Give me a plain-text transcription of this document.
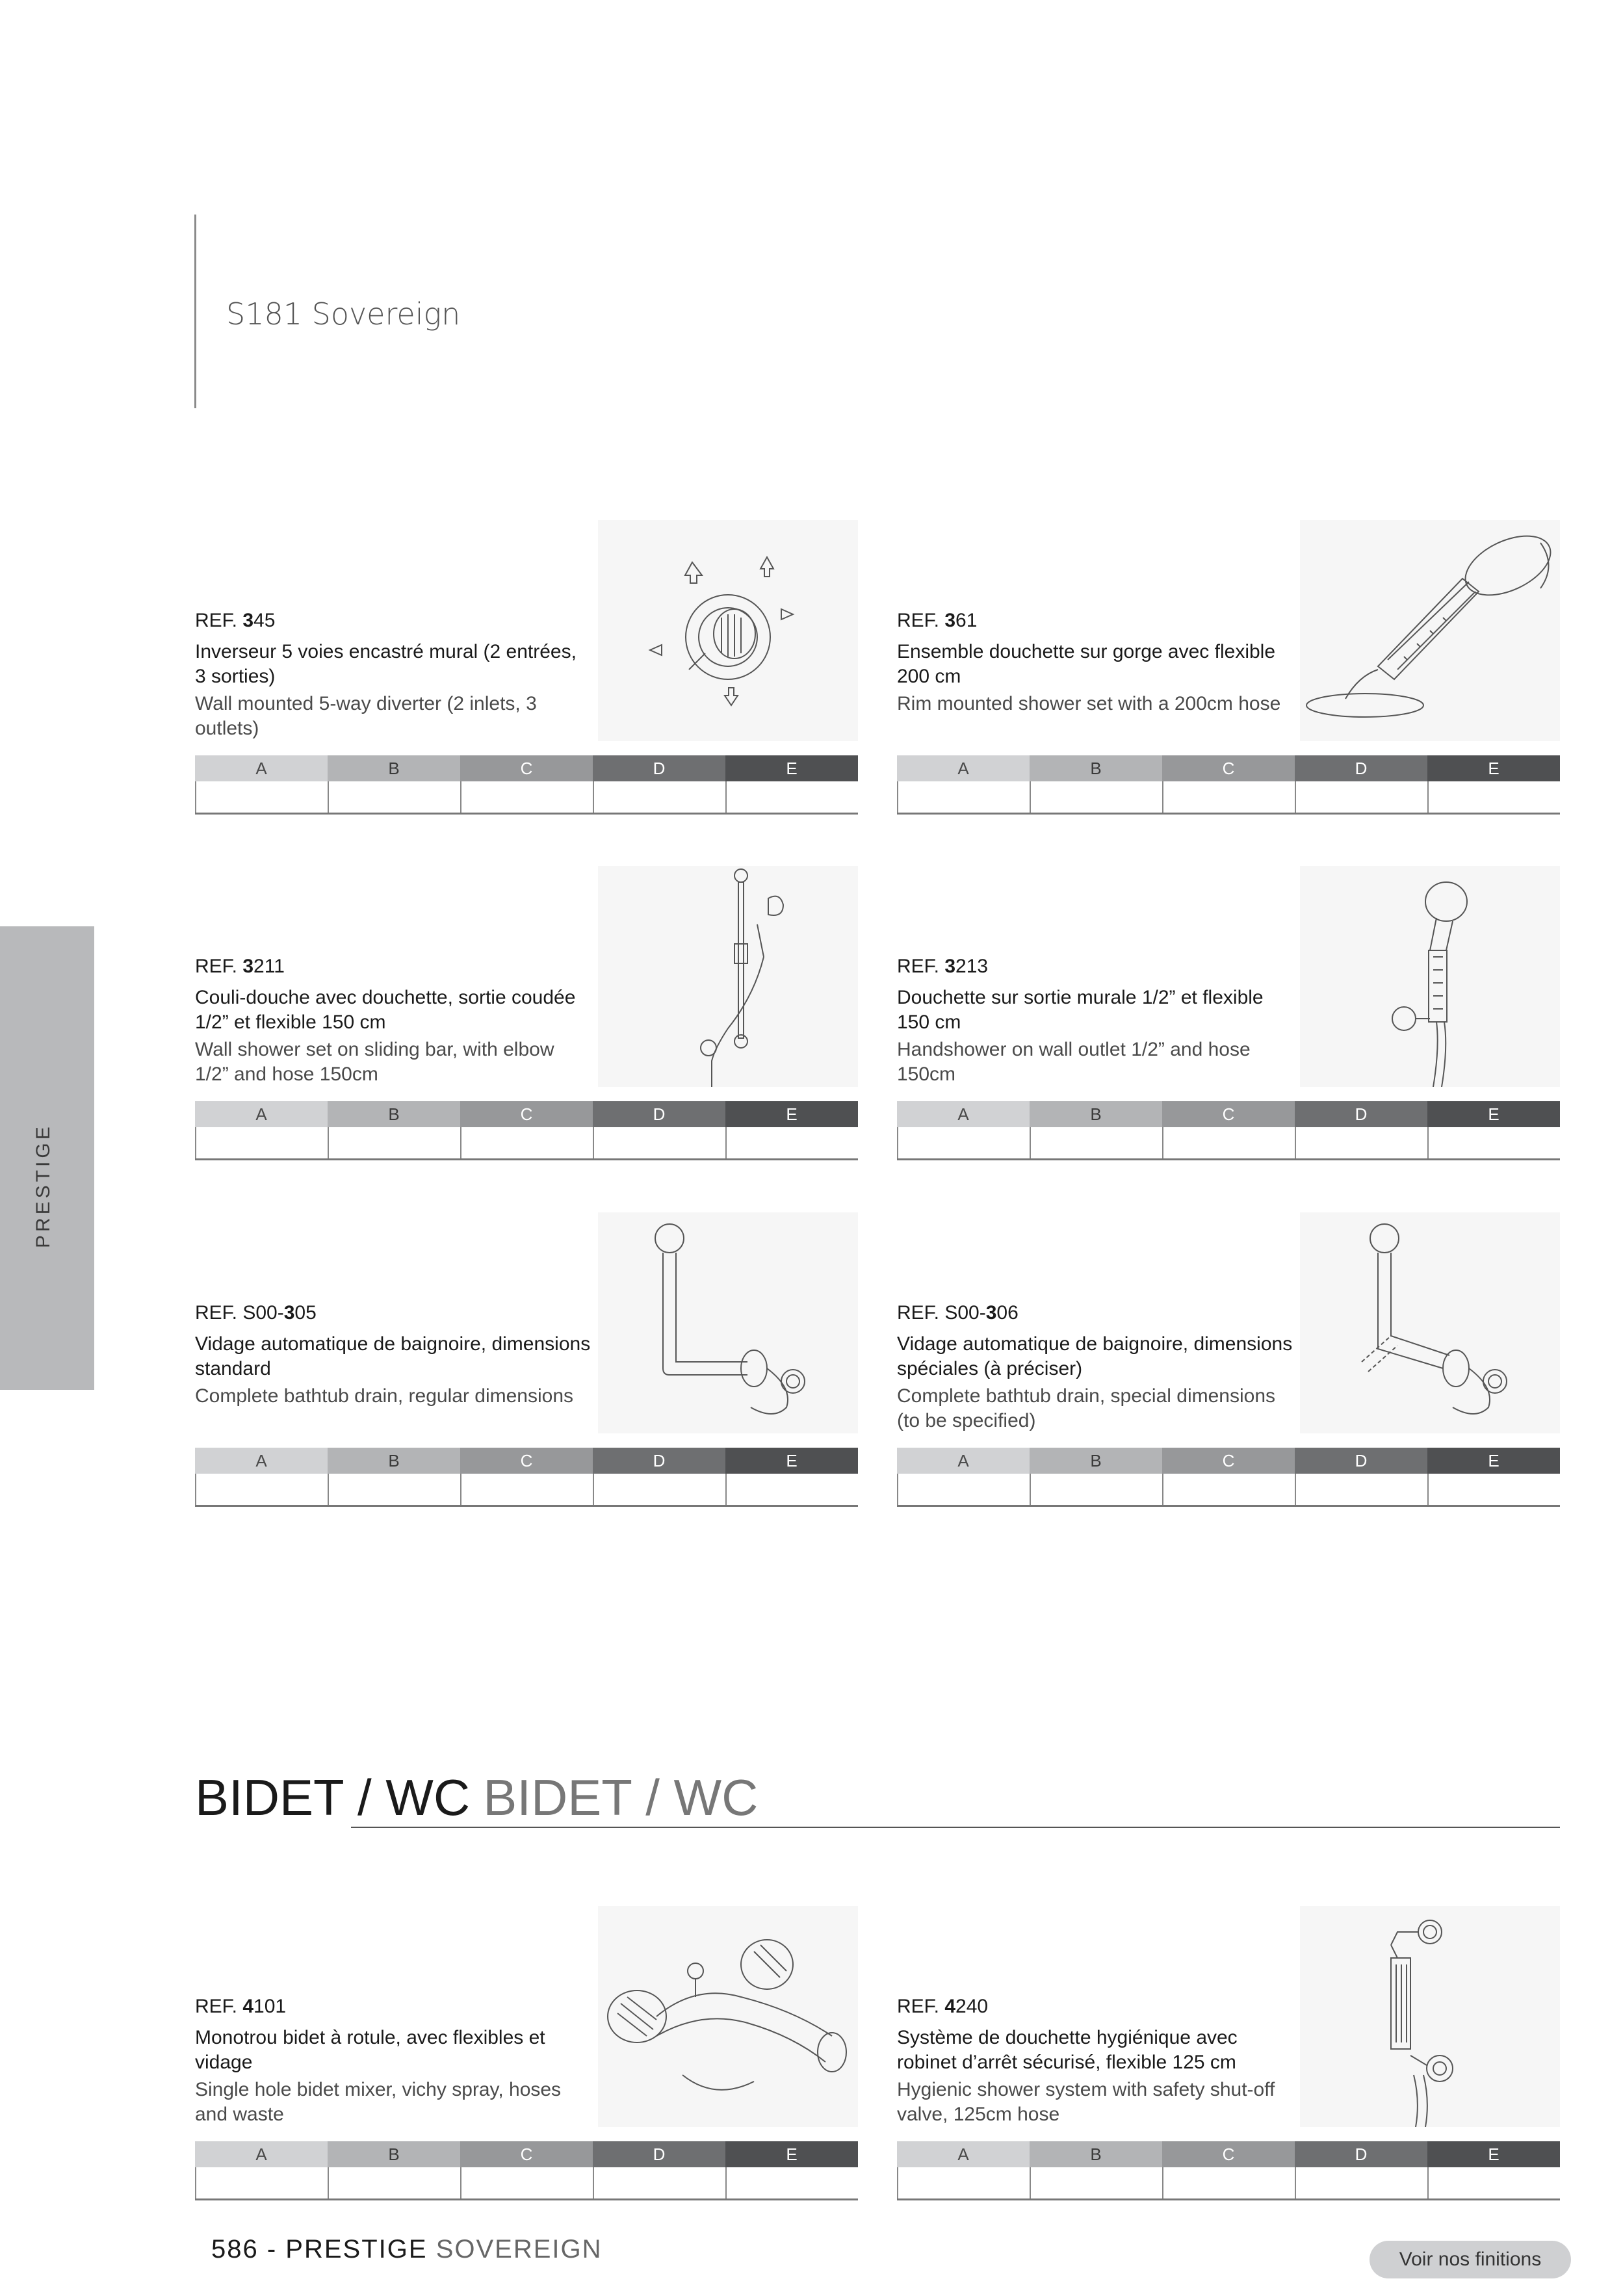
S181 Sovereign
PRESTIGE
REF. 345
Inverseur 5 voies encastré mural (2 entrées, 3 sorties)
Wall mounted 5-way diverter (2 inlets, 3 outlets)
A	B	C	D	E
REF. 361
Ensemble douchette sur gorge avec flexible 200 cm
Rim mounted shower set with a 200cm hose
A	B	C	D	E
REF. 3211
Couli-douche avec douchette, sortie coudée 1/2” et flexible 150 cm
Wall shower set on sliding bar, with elbow 1/2” and hose 150cm
A	B	C	D	E
REF. 3213
Douchette sur sortie murale 1/2” et flexible 150 cm
Handshower on wall outlet 1/2” and hose 150cm
A	B	C	D	E
REF. S00-305
Vidage automatique de baignoire, dimensions standard
Complete bathtub drain, regular dimensions
A	B	C	D	E
REF. S00-306
Vidage automatique de baignoire, dimensions spéciales (à préciser)
Complete bathtub drain, special dimensions (to be specified)
A	B	C	D	E
BIDET / WC BIDET / WC
REF. 4101
Monotrou bidet à rotule, avec flexibles et vidage
Single hole bidet mixer, vichy spray, hoses and waste
A	B	C	D	E
REF. 4240
Système de douchette hygiénique avec robinet d’arrêt sécurisé, flexible 125 cm
Hygienic shower system with safety shut-off valve, 125cm hose
A	B	C	D	E
586 - PRESTIGE SOVEREIGN	Voir nos finitions
